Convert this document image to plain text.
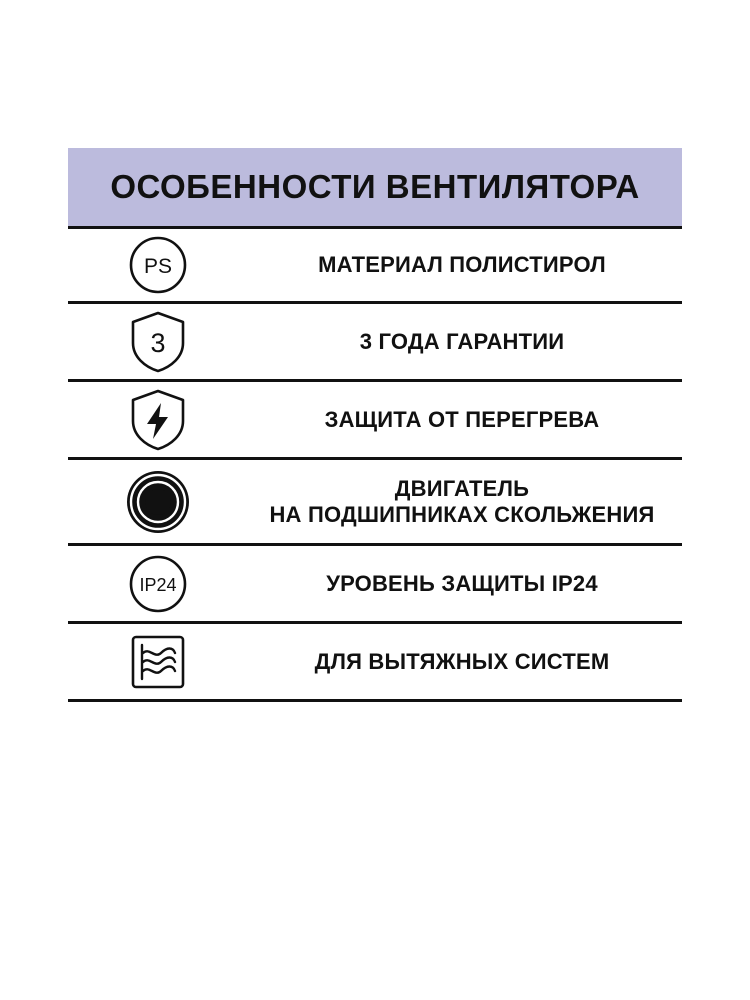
ОСОБЕННОСТИ ВЕНТИЛЯТОРА
PS	МАТЕРИАЛ ПОЛИСТИРОЛ
3	3 ГОДА ГАРАНТИИ
ЗАЩИТА ОТ ПЕРЕГРЕВА
ДВИГАТЕЛЬ
НА ПОДШИПНИКАХ СКОЛЬЖЕНИЯ
IP24	УРОВЕНЬ ЗАЩИТЫ IP24
ДЛЯ ВЫТЯЖНЫХ СИСТЕМ
